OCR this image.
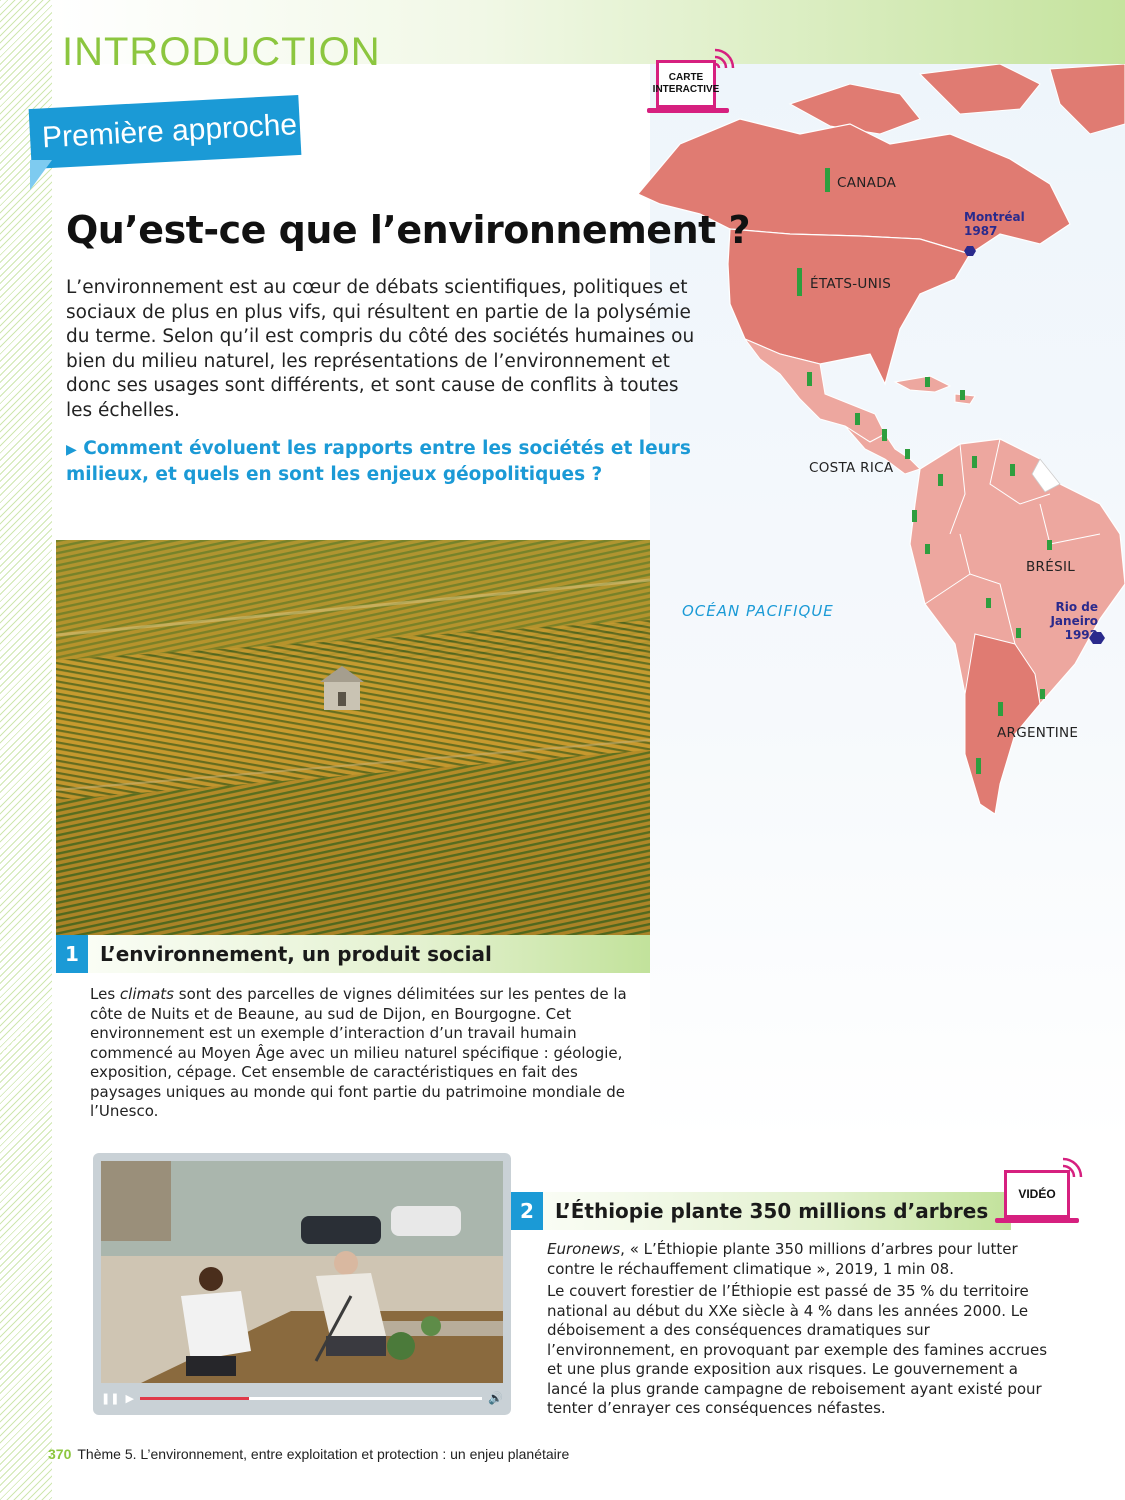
INTRODUCTION
Première approche
CANADA
ÉTATS-UNIS
COSTA RICA
BRÉSIL
ARGENTINE
OCÉAN PACIFIQUE
Montréal
1987
Rio de Janeiro
1992
CARTE
INTERACTIVE
Qu’est-ce que l’environnement ?
L’environnement est au cœur de débats scientifiques, politiques et sociaux de plus en plus vifs, qui résultent en partie de la polysémie du terme. Selon qu’il est compris du côté des sociétés humaines ou bien du milieu naturel, les représentations de l’environnement et donc ses usages sont différents, et sont cause de conflits à toutes les échelles.
▶ Comment évoluent les rapports entre les sociétés et leurs milieux, et quels en sont les enjeux géopolitiques ?
1	L’environnement, un produit social
Les climats sont des parcelles de vignes délimitées sur les pentes de la côte de Nuits et de Beaune, au sud de Dijon, en Bourgogne. Cet environnement est un exemple d’interaction d’un travail humain commencé au Moyen Âge avec un milieu naturel spécifique : géologie, exposition, cépage. Cet ensemble de caractéristiques en fait des paysages uniques au monde qui font partie du patrimoine mondiale de l’Unesco.
❚❚ ▶	🔊
2	L’Éthiopie plante 350 millions d’arbres
VIDÉO
Euronews, « L’Éthiopie plante 350 millions d’arbres pour lutter contre le réchauffement climatique », 2019, 1 min 08.
Le couvert forestier de l’Éthiopie est passé de 35 % du territoire national au début du XXe siècle à 4 % dans les années 2000. Le déboisement a des conséquences dramatiques sur l’environnement, en provoquant par exemple des famines accrues et une plus grande exposition aux risques. Le gouvernement a lancé la plus grande campagne de reboisement ayant existé pour tenter d’enrayer ces conséquences néfastes.
370 Thème 5. L’environnement, entre exploitation et protection : un enjeu planétaire
